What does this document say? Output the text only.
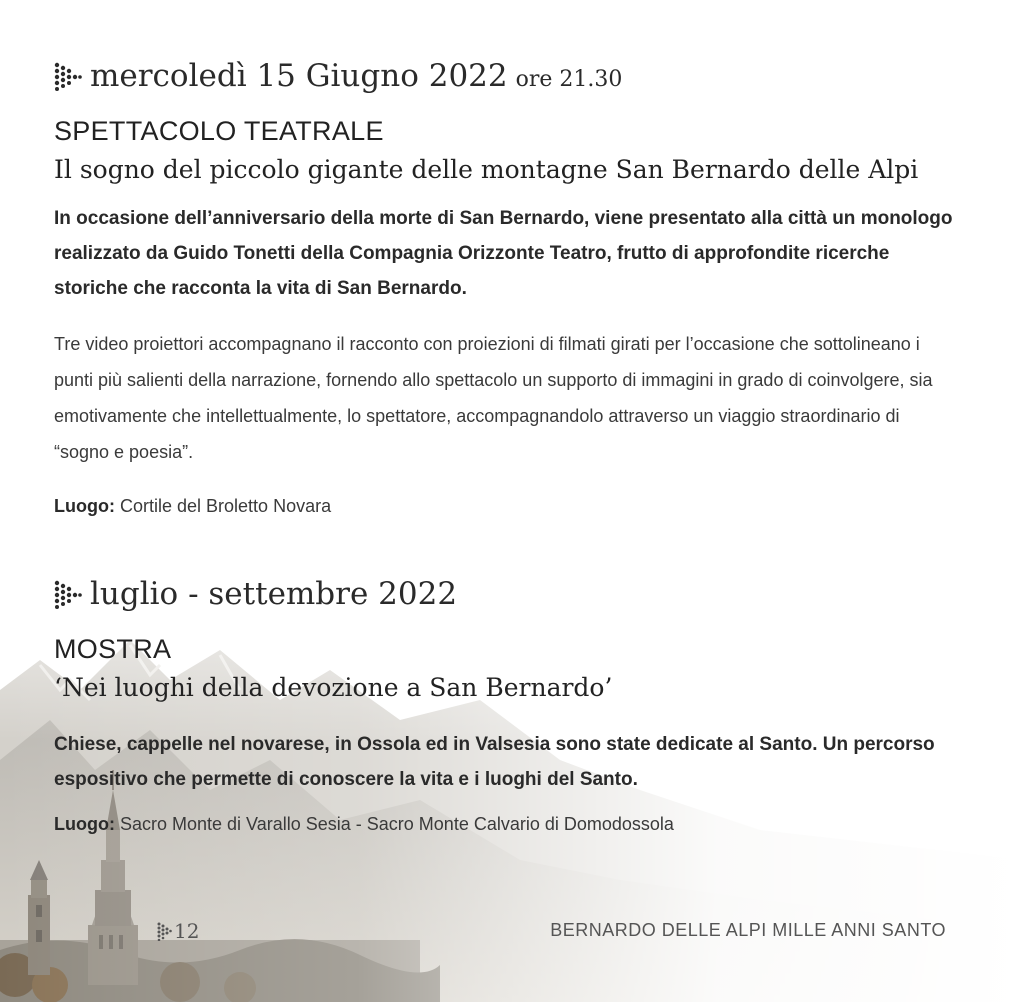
mercoledì 15 Giugno 2022 ore 21.30
SPETTACOLO TEATRALE
Il sogno del piccolo gigante delle montagne San Bernardo delle Alpi
In occasione dell’anniversario della morte di San Bernardo, viene presentato alla città un monologo realizzato da Guido Tonetti della Compagnia Orizzonte Teatro, frutto di approfondite ricerche storiche che racconta la vita di San Bernardo.
Tre video proiettori accompagnano il racconto con proiezioni di filmati girati per l’occasione che sottolineano i punti più salienti della narrazione, fornendo allo spettacolo un supporto di immagini in grado di coinvolgere, sia emotivamente che intellettualmente, lo spettatore, accompagnandolo attraverso un viaggio straordinario di “sogno e poesia”.
Luogo: Cortile del Broletto Novara
luglio - settembre 2022
MOSTRA
‘Nei luoghi della devozione a San Bernardo’
Chiese, cappelle nel novarese, in Ossola ed in Valsesia sono state dedicate al Santo. Un percorso espositivo che permette di conoscere la vita e i luoghi del Santo.
Luogo: Sacro Monte di Varallo Sesia - Sacro Monte Calvario di Domodossola
12	BERNARDO DELLE ALPI MILLE ANNI SANTO
